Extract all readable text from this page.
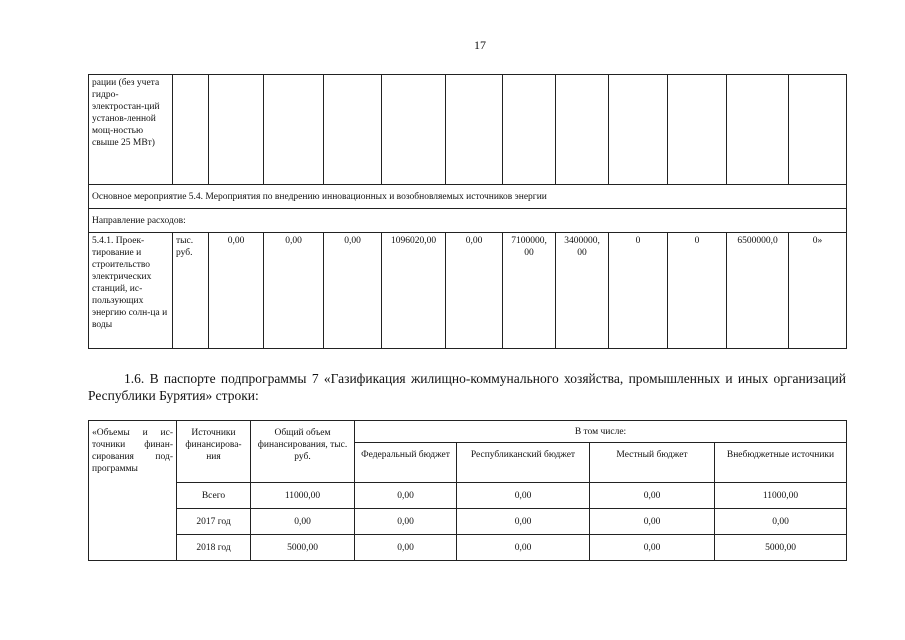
17
рации (без учета гидро-электростан-ций установ-ленной мощ-ностью свыше 25 МВт)												
Основное мероприятие 5.4. Мероприятия по внедрению инновационных и возобновляемых источников энергии												
Направление расходов:												
5.4.1. Проек-тирование и строительство электрических станций, ис-пользующих энергию солн-ца и воды	тыс. руб.	0,00	0,00	0,00	1096020,00	0,00	7100000, 00	3400000, 00	0	0	6500000,0	0»
1.6. В паспорте подпрограммы 7 «Газификация жилищно-коммунального хозяйства, промышленных и иных организаций Республики Бурятия» строки:
«Объемы и ис-точники финан-сирования под-программы	Источники финансирова-ния	Общий объем финансирования, тыс. руб.	В том числе:			
			Федеральный бюджет	Республиканский бюджет	Местный бюджет	Внебюджетные источники
	Всего	11000,00	0,00	0,00	0,00	11000,00
	2017 год	0,00	0,00	0,00	0,00	0,00
	2018 год	5000,00	0,00	0,00	0,00	5000,00
